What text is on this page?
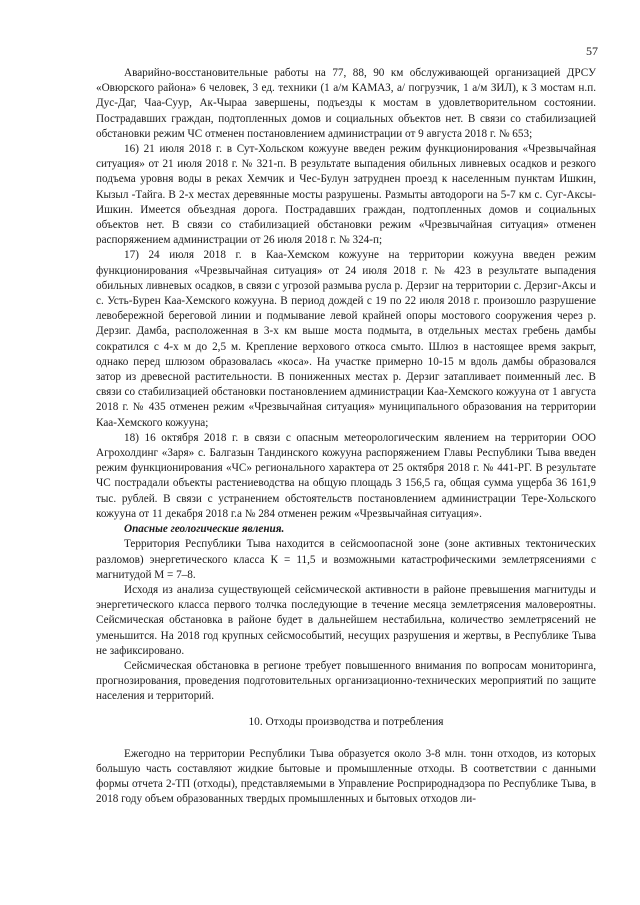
57

Аварийно-восстановительные работы на 77, 88, 90 км обслуживающей организацией ДРСУ «Овюрского района» 6 человек, 3 ед. техники (1 а/м КАМАЗ, а/ погрузчик, 1 а/м ЗИЛ), к 3 мостам н.п. Дус-Даг, Чаа-Суур, Ак-Чыраа завершены, подъезды к мостам в удовлетворительном состоянии. Пострадавших граждан, подтопленных домов и социальных объектов нет. В связи со стабилизацией обстановки режим ЧС отменен постановлением администрации от 9 августа 2018 г. № 653;

16) 21 июля 2018 г. в Сут-Хольском кожууне введен режим функционирования «Чрезвычайная ситуация» от 21 июля 2018 г. № 321-п. В результате выпадения обильных ливневых осадков и резкого подъема уровня воды в реках Хемчик и Чес-Булун затруднен проезд к населенным пунктам Ишкин, Кызыл -Тайга. В 2-х местах деревянные мосты разрушены. Размыты автодороги на 5-7 км с. Суг-Аксы-Ишкин. Имеется объездная дорога. Пострадавших граждан, подтопленных домов и социальных объектов нет. В связи со стабилизацией обстановки режим «Чрезвычайная ситуация» отменен распоряжением администрации от 26 июля 2018 г. № 324-п;

17) 24 июля 2018 г. в Каа-Хемском кожууне на территории кожууна введен режим функционирования «Чрезвычайная ситуация» от 24 июля 2018 г. № 423 в результате выпадения обильных ливневых осадков, в связи с угрозой размыва русла р. Дерзиг на территории с. Дерзиг-Аксы и с. Усть-Бурен Каа-Хемского кожууна. В период дождей с 19 по 22 июля 2018 г. произошло разрушение левобережной береговой линии и подмывание левой крайней опоры мостового сооружения через р. Дерзиг. Дамба, расположенная в 3-х км выше моста подмыта, в отдельных местах гребень дамбы сократился с 4-х м до 2,5 м. Крепление верхового откоса смыто. Шлюз в настоящее время закрыт, однако перед шлюзом образовалась «коса». На участке примерно 10-15 м вдоль дамбы образовался затор из древесной растительности. В пониженных местах р. Дерзиг затапливает поименный лес. В связи со стабилизацией обстановки постановлением администрации Каа-Хемского кожууна от 1 августа 2018 г. № 435 отменен режим «Чрезвычайная ситуация» муниципального образования на территории Каа-Хемского кожууна;

18) 16 октября 2018 г. в связи с опасным метеорологическим явлением на территории ООО Агрохолдинг «Заря» с. Балгазын Тандинского кожууна распоряжением Главы Республики Тыва введен режим функционирования «ЧС» регионального характера от 25 октября 2018 г. № 441-РГ. В результате ЧС пострадали объекты растениеводства на общую площадь 3 156,5 га, общая сумма ущерба 36 161,9 тыс. рублей. В связи с устранением обстоятельств постановлением администрации Тере-Хольского кожууна от 11 декабря 2018 г.а № 284 отменен режим «Чрезвычайная ситуация».

Опасные геологические явления.

Территория Республики Тыва находится в сейсмоопасной зоне (зоне активных тектонических разломов) энергетического класса К = 11,5 и возможными катастрофическими землетрясениями с магнитудой М = 7–8.

Исходя из анализа существующей сейсмической активности в районе превышения магнитуды и энергетического класса первого толчка последующие в течение месяца землетрясения маловероятны. Сейсмическая обстановка в районе будет в дальнейшем нестабильна, количество землетрясений не уменьшится. На 2018 год крупных сейсмособытий, несущих разрушения и жертвы, в Республике Тыва не зафиксировано.

Сейсмическая обстановка в регионе требует повышенного внимания по вопросам мониторинга, прогнозирования, проведения подготовительных организационно-технических мероприятий по защите населения и территорий.

10. Отходы производства и потребления

Ежегодно на территории Республики Тыва образуется около 3-8 млн. тонн отходов, из которых большую часть составляют жидкие бытовые и промышленные отходы. В соответствии с данными формы отчета 2-ТП (отходы), представляемыми в Управление Росприроднадзора по Республике Тыва, в 2018 году объем образованных твердых промышленных и бытовых отходов ли-
